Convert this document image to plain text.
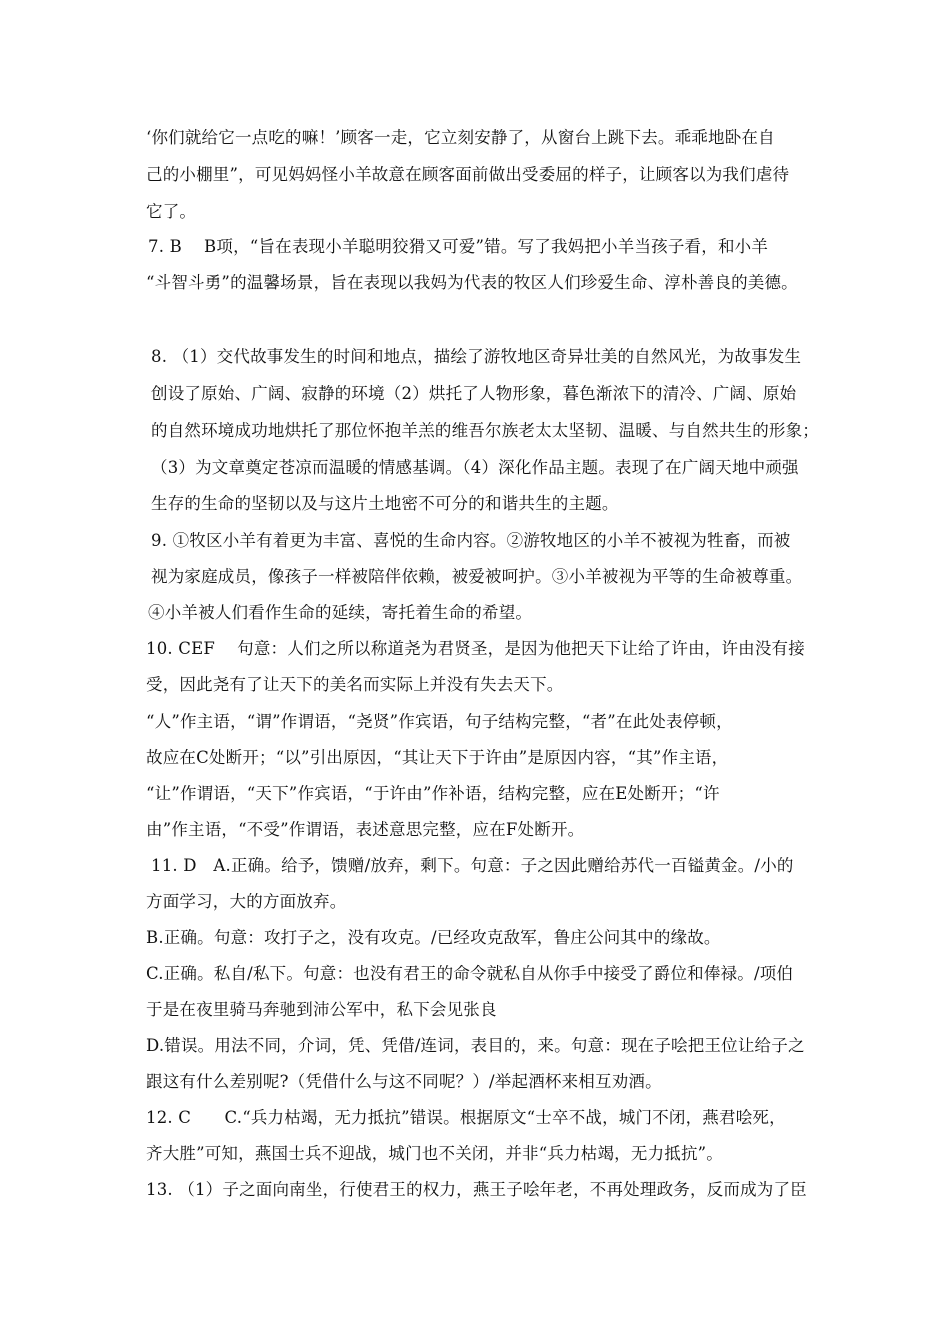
‘你们就给它一点吃的嘛！’顾客一走，它立刻安静了，从窗台上跳下去。乖乖地卧在自
己的小棚里”，可见妈妈怪小羊故意在顾客面前做出受委屈的样子，让顾客以为我们虐待
它了。
7. B　 B项，“旨在表现小羊聪明狡猾又可爱”错。写了我妈把小羊当孩子看，和小羊
“斗智斗勇”的温馨场景，旨在表现以我妈为代表的牧区人们珍爱生命、淳朴善良的美德。
8. （1）交代故事发生的时间和地点，描绘了游牧地区奇异壮美的自然风光，为故事发生
创设了原始、广阔、寂静的环境（2）烘托了人物形象，暮色渐浓下的清冷、广阔、原始
的自然环境成功地烘托了那位怀抱羊羔的维吾尔族老太太坚韧、温暖、与自然共生的形象；
（3）为文章奠定苍凉而温暖的情感基调。（4）深化作品主题。表现了在广阔天地中顽强
生存的生命的坚韧以及与这片土地密不可分的和谐共生的主题。
9. ①牧区小羊有着更为丰富、喜悦的生命内容。②游牧地区的小羊不被视为牲畜，而被
视为家庭成员，像孩子一样被陪伴依赖，被爱被呵护。③小羊被视为平等的生命被尊重。
④小羊被人们看作生命的延续，寄托着生命的希望。
10. CEF　 句意：人们之所以称道尧为君贤圣，是因为他把天下让给了许由，许由没有接
受，因此尧有了让天下的美名而实际上并没有失去天下。
“人”作主语，“谓”作谓语，“尧贤”作宾语，句子结构完整，“者”在此处表停顿，
故应在C处断开；“以”引出原因，“其让天下于许由”是原因内容，“其”作主语，
“让”作谓语，“天下”作宾语，“于许由”作补语，结构完整，应在E处断开；“许
由”作主语，“不受”作谓语，表述意思完整，应在F处断开。
11. D　A.正确。给予，馈赠/放弃，剩下。句意：子之因此赠给苏代一百镒黄金。/小的
方面学习，大的方面放弃。
B.正确。句意：攻打子之，没有攻克。/已经攻克敌军，鲁庄公问其中的缘故。
C.正确。私自/私下。句意：也没有君王的命令就私自从你手中接受了爵位和俸禄。/项伯
于是在夜里骑马奔驰到沛公军中，私下会见张良
D.错误。用法不同，介词，凭、凭借/连词，表目的，来。句意：现在子哙把王位让给子之
跟这有什么差别呢?（凭借什么与这不同呢？）/举起酒杯来相互劝酒。
12. C　　C.“兵力枯竭，无力抵抗”错误。根据原文“士卒不战，城门不闭，燕君哙死，
齐大胜”可知，燕国士兵不迎战，城门也不关闭，并非“兵力枯竭，无力抵抗”。
13. （1）子之面向南坐，行使君王的权力，燕王子哙年老，不再处理政务，反而成为了臣
